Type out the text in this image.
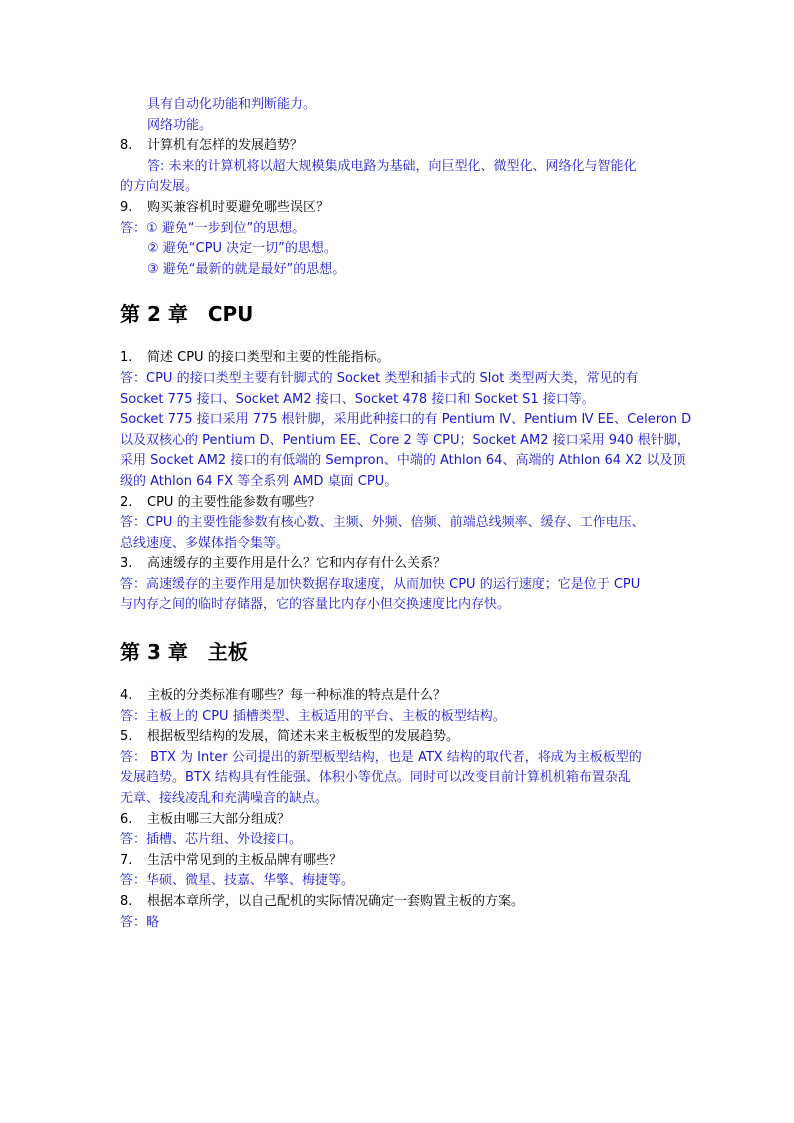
具有自动化功能和判断能力。

网络功能。

8. 计算机有怎样的发展趋势？

答: 未来的计算机将以超大规模集成电路为基础，向巨型化、微型化、网络化与智能化

的方向发展。

9. 购买兼容机时要避免哪些误区？

答：① 避免“一步到位”的思想。

② 避免“CPU 决定一切”的思想。

③ 避免“最新的就是最好”的思想。

第 2 章 CPU

1. 简述 CPU 的接口类型和主要的性能指标。

答：CPU 的接口类型主要有针脚式的 Socket 类型和插卡式的 Slot 类型两大类，常见的有

Socket 775 接口、Socket AM2 接口、Socket 478 接口和 Socket S1 接口等。

Socket 775 接口采用 775 根针脚，采用此种接口的有 Pentium Ⅳ、Pentium Ⅳ EE、Celeron D

以及双核心的 Pentium D、Pentium EE、Core 2 等 CPU；Socket AM2 接口采用 940 根针脚，

采用 Socket AM2 接口的有低端的 Sempron、中端的 Athlon 64、高端的 Athlon 64 X2 以及顶

级的 Athlon 64 FX 等全系列 AMD 桌面 CPU。

2. CPU 的主要性能参数有哪些？

答：CPU 的主要性能参数有核心数、主频、外频、倍频、前端总线频率、缓存、工作电压、

总线速度、多媒体指令集等。

3. 高速缓存的主要作用是什么？它和内存有什么关系？

答：高速缓存的主要作用是加快数据存取速度，从而加快 CPU 的运行速度；它是位于 CPU

与内存之间的临时存储器，它的容量比内存小但交换速度比内存快。

第 3 章 主板

4. 主板的分类标准有哪些？每一种标准的特点是什么？

答：主板上的 CPU 插槽类型、主板适用的平台、主板的板型结构。

5. 根据板型结构的发展，简述未来主板板型的发展趋势。

答： BTX 为 Inter 公司提出的新型板型结构，也是 ATX 结构的取代者，将成为主板板型的

发展趋势。BTX 结构具有性能强、体积小等优点。同时可以改变目前计算机机箱布置杂乱

无章、接线凌乱和充满噪音的缺点。

6. 主板由哪三大部分组成？

答：插槽、芯片组、外设接口。

7. 生活中常见到的主板品牌有哪些？

答：华硕、微星、技嘉、华擎、梅捷等。

8. 根据本章所学，以自己配机的实际情况确定一套购置主板的方案。

答：略
